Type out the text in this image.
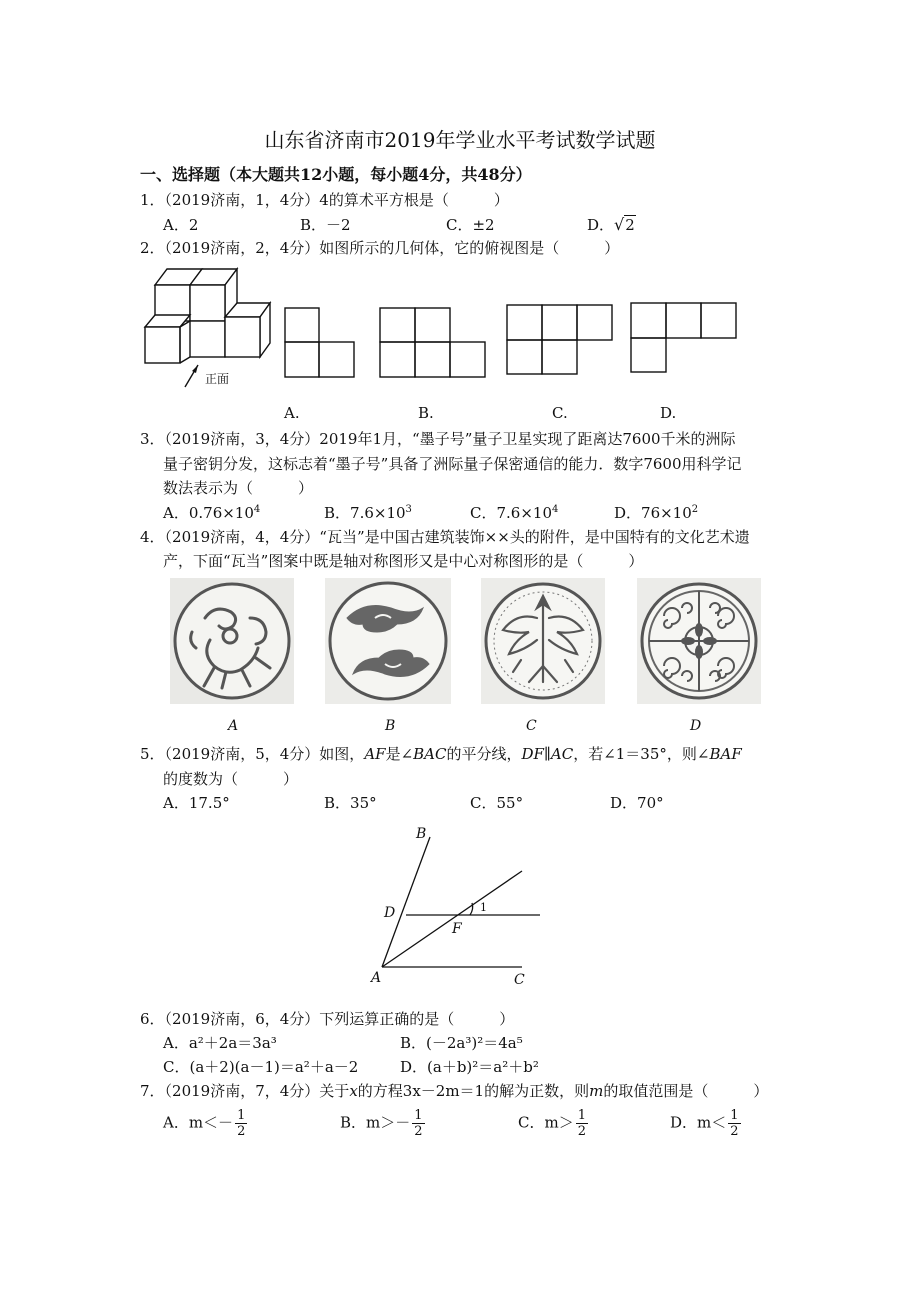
山东省济南市2019年学业水平考试数学试题
一、选择题（本大题共12小题，每小题4分，共48分）
1．（2019济南，1，4分）4的算术平方根是（　　　）
A．2	B．－2	C．±2	D．√2
2．（2019济南，2，4分）如图所示的几何体，它的俯视图是（　　　）
正面
A.	B.	C.	D.
3．（2019济南，3，4分）2019年1月，“墨子号”量子卫星实现了距离达7600千米的洲际
量子密钥分发，这标志着“墨子号”具备了洲际量子保密通信的能力．数字7600用科学记
数法表示为（　　　）
A．$0.76\times 10^4$	B．$7.6\times 10^3$	C．$7.6\times 10^4$	D．$76\times 10^2$
4．（2019济南，4，4分）“瓦当”是中国古建筑装饰××头的附件，是中国特有的文化艺术遗
产，下面“瓦当”图案中既是轴对称图形又是中心对称图形的是（　　　）
A	B	C	D
5．（2019济南，5，4分）如图，AF是∠BAC的平分线，DF∥AC，若∠1＝35°，则∠BAF
的度数为（　　　）
A．17.5°	B．35°	C．55°	D．70°
B
D
F
A	C
1
6．（2019济南，6，4分）下列运算正确的是（　　　）
A．a²＋2a＝3a³	B．(－2a³)²＝4a⁵
C．(a＋2)(a－1)＝a²＋a－2	D．(a＋b)²＝a²＋b²
7．（2019济南，7，4分）关于x的方程3x－2m＝1的解为正数，则m的取值范围是（　　　）
A．$m<- \frac{1}{2}$	B．$m>- \frac{1}{2}$	C．$m> \frac{1}{2}$	D．$m< \frac{1}{2}$
